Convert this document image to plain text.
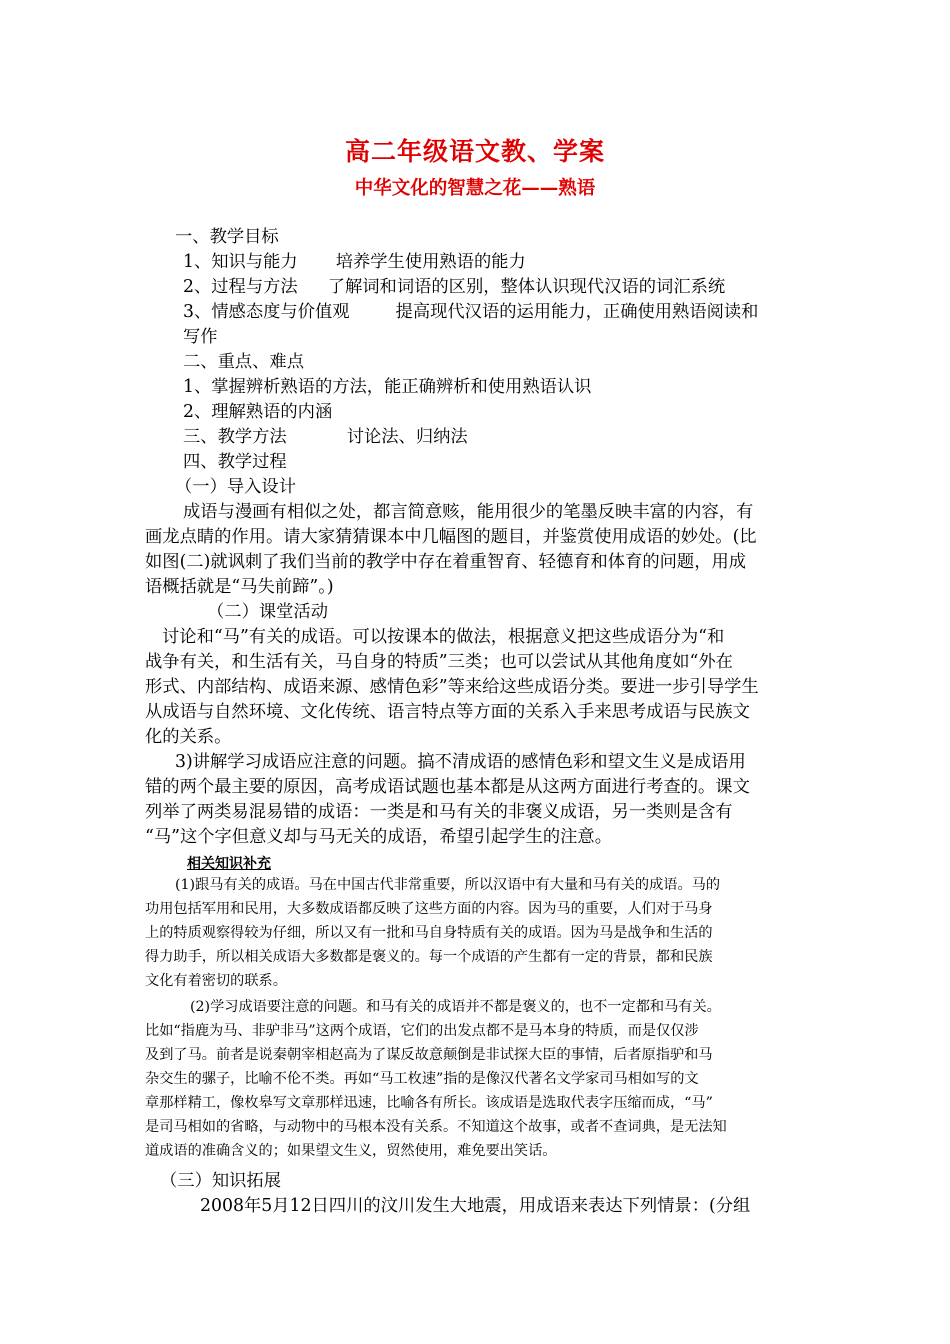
高二年级语文教、学案
中华文化的智慧之花——熟语
一、教学目标
1、知识与能力 培养学生使用熟语的能力
2、过程与方法 了解词和词语的区别，整体认识现代汉语的词汇系统
3、情感态度与价值观	提高现代汉语的运用能力，正确使用熟语阅读和
写作
二、重点、难点
1、掌握辨析熟语的方法，能正确辨析和使用熟语认识
2、理解熟语的内涵
三、教学方法	讨论法、归纳法
四、教学过程
（一）导入设计
成语与漫画有相似之处，都言简意赅，能用很少的笔墨反映丰富的内容，有
画龙点睛的作用。请大家猜猜课本中几幅图的题目，并鉴赏使用成语的妙处。(比
如图(二)就讽刺了我们当前的教学中存在着重智育、轻德育和体育的问题，用成
语概括就是“马失前蹄”。)
（二）课堂活动
讨论和“马”有关的成语。可以按课本的做法，根据意义把这些成语分为“和
战争有关，和生活有关，马自身的特质”三类；也可以尝试从其他角度如“外在
形式、内部结构、成语来源、感情色彩”等来给这些成语分类。要进一步引导学生
从成语与自然环境、文化传统、语言特点等方面的关系入手来思考成语与民族文
化的关系。
3)讲解学习成语应注意的问题。搞不清成语的感情色彩和望文生义是成语用
错的两个最主要的原因，高考成语试题也基本都是从这两方面进行考查的。课文
列举了两类易混易错的成语：一类是和马有关的非褒义成语，另一类则是含有
“马”这个字但意义却与马无关的成语，希望引起学生的注意。
相关知识补充
(1)跟马有关的成语。马在中国古代非常重要，所以汉语中有大量和马有关的成语。马的
功用包括军用和民用，大多数成语都反映了这些方面的内容。因为马的重要，人们对于马身
上的特质观察得较为仔细，所以又有一批和马自身特质有关的成语。因为马是战争和生活的
得力助手，所以相关成语大多数都是褒义的。每一个成语的产生都有一定的背景，都和民族
文化有着密切的联系。
(2)学习成语要注意的问题。和马有关的成语并不都是褒义的，也不一定都和马有关。
比如“指鹿为马、非驴非马”这两个成语，它们的出发点都不是马本身的特质，而是仅仅涉
及到了马。前者是说秦朝宰相赵高为了谋反故意颠倒是非试探大臣的事情，后者原指驴和马
杂交生的骡子，比喻不伦不类。再如“马工枚速”指的是像汉代著名文学家司马相如写的文
章那样精工，像枚皋写文章那样迅速，比喻各有所长。该成语是选取代表字压缩而成，“马”
是司马相如的省略，与动物中的马根本没有关系。不知道这个故事，或者不查词典，是无法知
道成语的准确含义的；如果望文生义，贸然使用，难免要出笑话。
（三）知识拓展
2008年5月12日四川的汶川发生大地震，用成语来表达下列情景：(分组
